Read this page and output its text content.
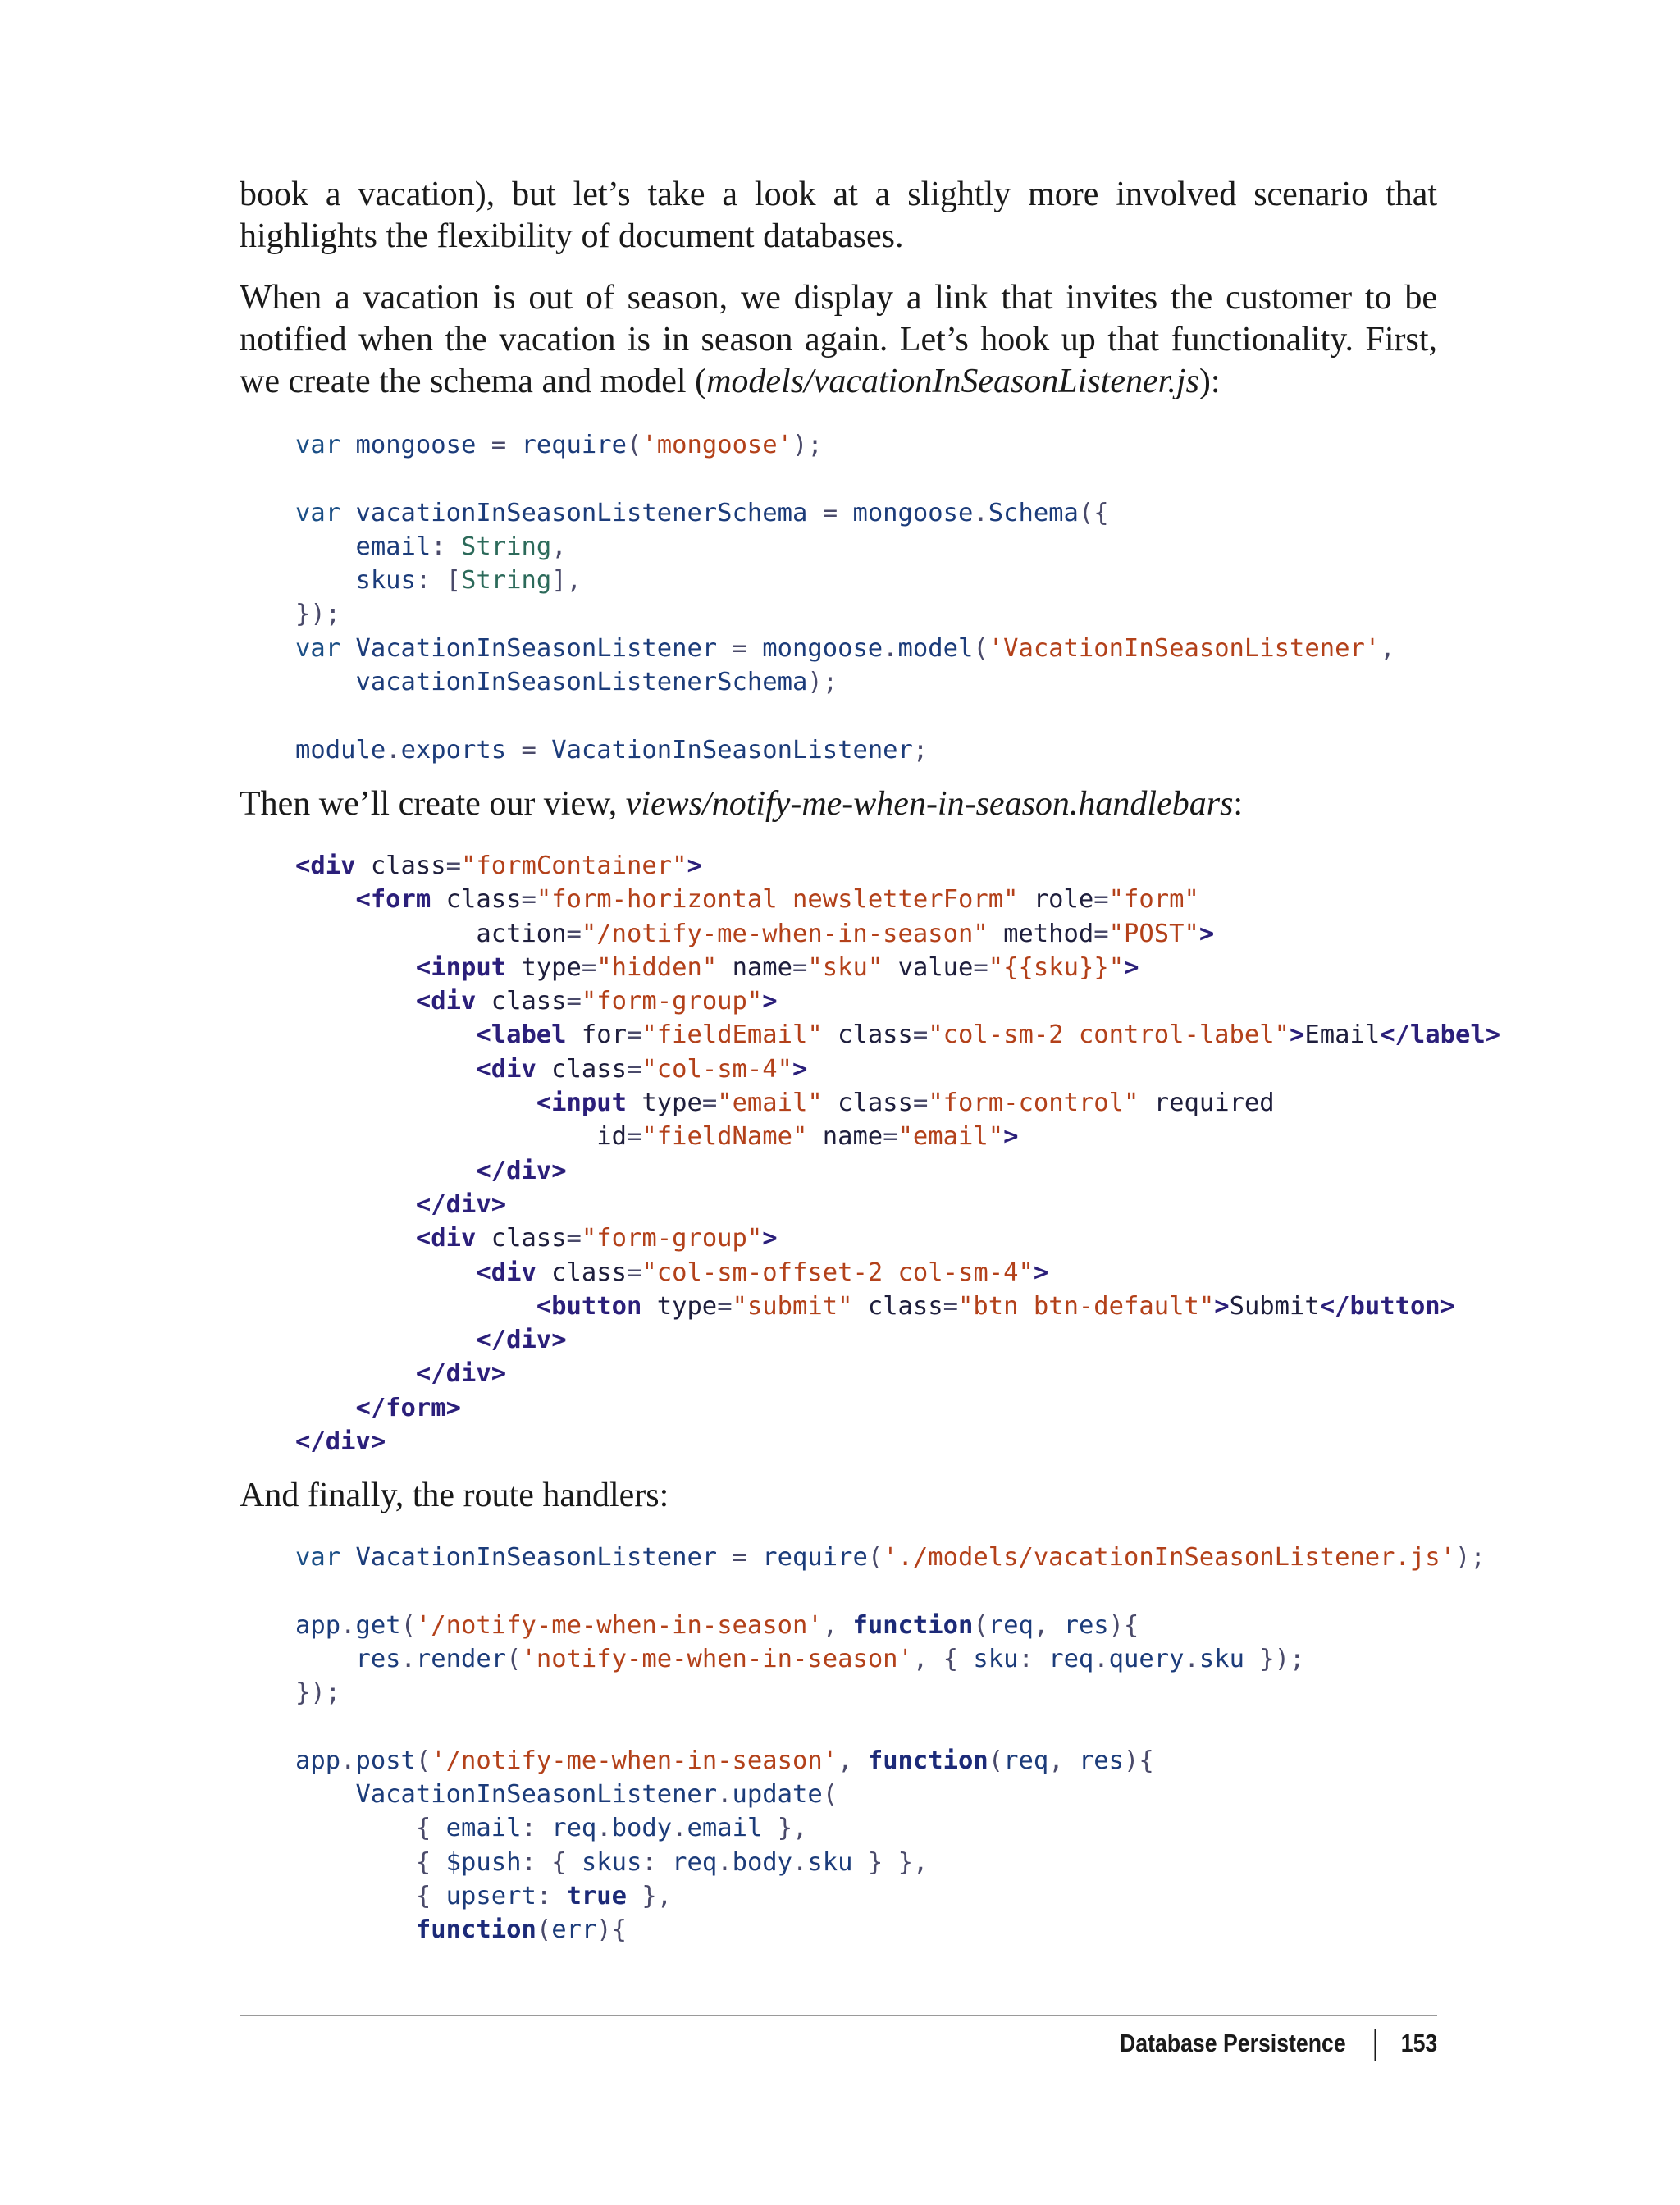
book a vacation), but let’s take a look at a slightly more involved scenario that highlights the flexibility of document databases.

When a vacation is out of season, we display a link that invites the customer to be notified when the vacation is in season again. Let’s hook up that functionality. First, we create the schema and model (models/vacationInSeasonListener.js):

var mongoose = require('mongoose');

var vacationInSeasonListenerSchema = mongoose.Schema({
email: String,
skus: [String],
});
var VacationInSeasonListener = mongoose.model('VacationInSeasonListener',
vacationInSeasonListenerSchema);

module.exports = VacationInSeasonListener;

Then we’ll create our view, views/notify-me-when-in-season.handlebars:

<div class="formContainer">
<form class="form-horizontal newsletterForm" role="form"
action="/notify-me-when-in-season" method="POST">
<input type="hidden" name="sku" value="{{sku}}">
<div class="form-group">
<label for="fieldEmail" class="col-sm-2 control-label">Email</label>
<div class="col-sm-4">
<input type="email" class="form-control" required
id="fieldName" name="email">
</div>
</div>
<div class="form-group">
<div class="col-sm-offset-2 col-sm-4">
<button type="submit" class="btn btn-default">Submit</button>
</div>
</div>
</form>
</div>

And finally, the route handlers:

var VacationInSeasonListener = require('./models/vacationInSeasonListener.js');

app.get('/notify-me-when-in-season', function(req, res){
res.render('notify-me-when-in-season', { sku: req.query.sku });
});

app.post('/notify-me-when-in-season', function(req, res){
VacationInSeasonListener.update(
{ email: req.body.email },
{ $push: { skus: req.body.sku } },
{ upsert: true },
function(err){
Database Persistence 153
